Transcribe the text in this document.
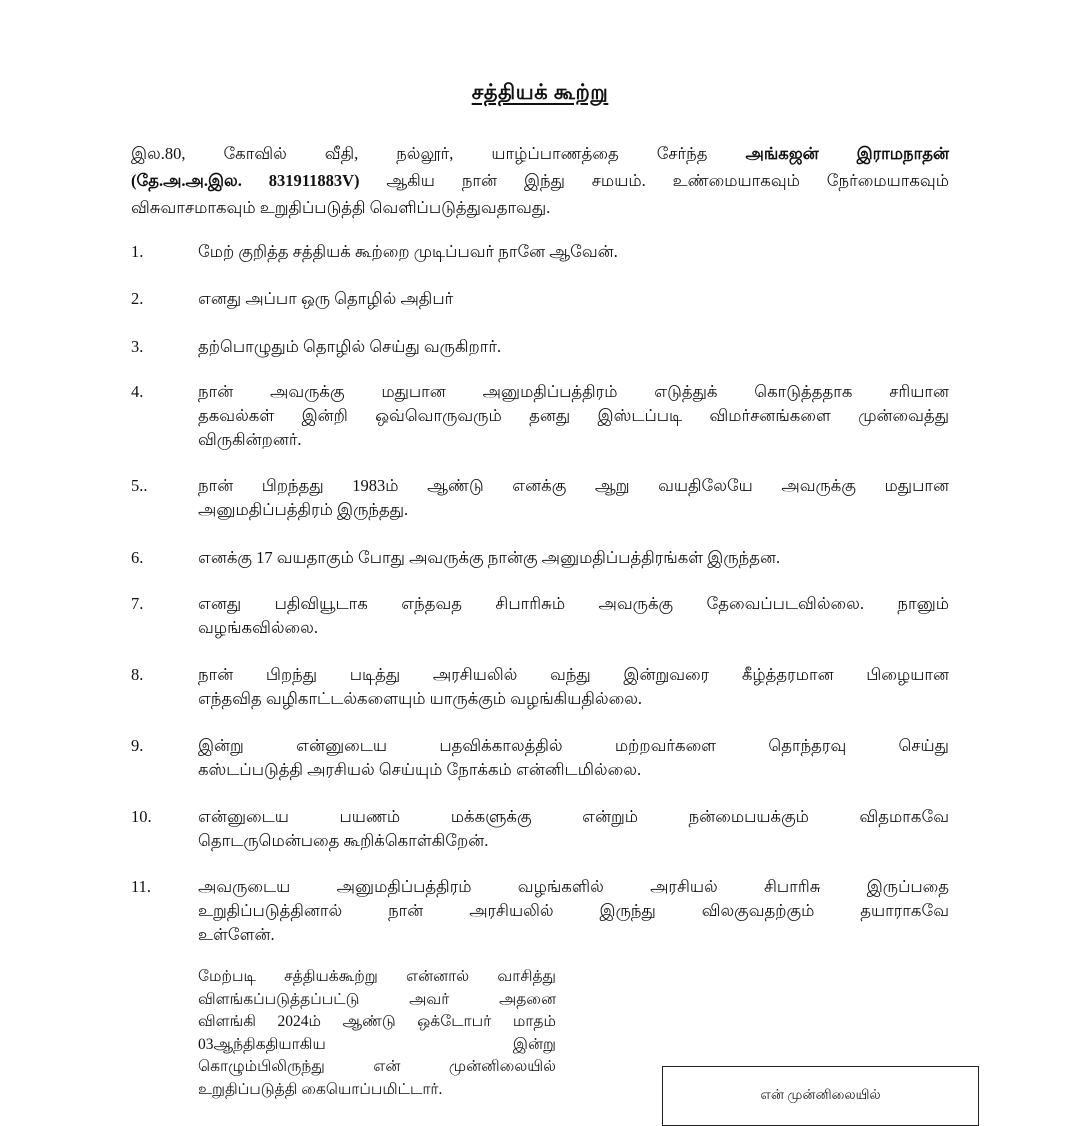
சத்தியக் கூற்று
இல.80, கோவில் வீதி, நல்லூர், யாழ்ப்பாணத்தை சேர்ந்த அங்கஜன் இராமநாதன்
(தே.அ.அ.இல. 831911883V) ஆகிய நான் இந்து சமயம். உண்மையாகவும் நேர்மையாகவும்
விசுவாசமாகவும் உறுதிப்படுத்தி வெளிப்படுத்துவதாவது.
1.	மேற் குறித்த சத்தியக் கூற்றை முடிப்பவர் நானே ஆவேன்.
2.	எனது அப்பா ஒரு தொழில் அதிபர்
3.	தற்பொழுதும் தொழில் செய்து வருகிறார்.
4.	நான் அவருக்கு மதுபான அனுமதிப்பத்திரம் எடுத்துக் கொடுத்ததாக சரியான
தகவல்கள் இன்றி ஒவ்வொருவரும் தனது இஸ்டப்படி விமர்சனங்களை முன்வைத்து
விருகின்றனர்.
5..	நான் பிறந்தது 1983ம் ஆண்டு எனக்கு ஆறு வயதிலேயே அவருக்கு மதுபான
அனுமதிப்பத்திரம் இருந்தது.
6.	எனக்கு 17 வயதாகும் போது அவருக்கு நான்கு அனுமதிப்பத்திரங்கள் இருந்தன.
7.	எனது பதிவியூடாக எந்தவத சிபாரிசும் அவருக்கு தேவைப்படவில்லை. நானும்
வழங்கவில்லை.
8.	நான் பிறந்து படித்து அரசியலில் வந்து இன்றுவரை கீழ்த்தரமான பிழையான
எந்தவித வழிகாட்டல்களையும் யாருக்கும் வழங்கியதில்லை.
9.	இன்று என்னுடைய பதவிக்காலத்தில் மற்றவர்களை தொந்தரவு செய்து
கஸ்டப்படுத்தி அரசியல் செய்யும் நோக்கம் என்னிடமில்லை.
10.	என்னுடைய பயணம் மக்களுக்கு என்றும் நன்மைபயக்கும் விதமாகவே
தொடருமென்பதை கூறிக்கொள்கிறேன்.
11.	அவருடைய அனுமதிப்பத்திரம் வழங்களில் அரசியல் சிபாரிசு இருப்பதை
உறுதிப்படுத்தினால் நான் அரசியலில் இருந்து விலகுவதற்கும் தயாராகவே
உள்ளேன்.
மேற்படி சத்தியக்கூற்று என்னால் வாசித்து
விளங்கப்படுத்தப்பட்டு அவர் அதனை
விளங்கி 2024ம் ஆண்டு ஒக்டோபர் மாதம்
03ஆந்திகதியாகிய இன்று
கொழும்பிலிருந்து என் முன்னிலையில்
உறுதிப்படுத்தி கையொப்பமிட்டார்.	என் முன்னிலையில்
